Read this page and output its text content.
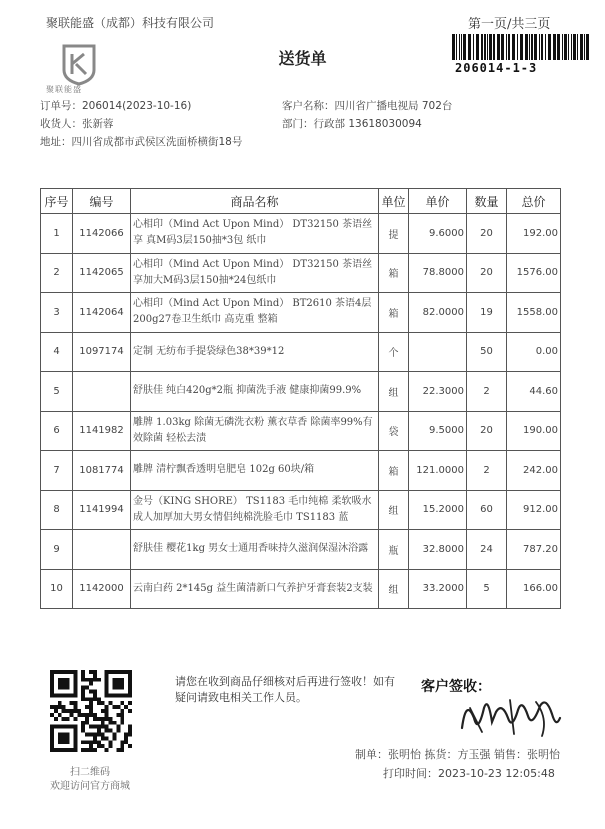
聚联能盛（成都）科技有限公司
聚联能盛
送货单
第一页/共三页
206014-1-3
订单号：206014(2023-10-16)
收货人：张新蓉
地址：四川省成都市武侯区洗面桥横街18号
客户名称：四川省广播电视局 702台
部门：行政部 13618030094
序号	编号	商品名称	单位	单价	数量	总价
1	1142066	心相印（Mind Act Upon Mind） DT32150 茶语丝享 真M码3层150抽*3包 纸巾	提	9.6000	20	192.00
2	1142065	心相印（Mind Act Upon Mind） DT32150 茶语丝享加大M码3层150抽*24包纸巾	箱	78.8000	20	1576.00
3	1142064	心相印（Mind Act Upon Mind） BT2610 茶语4层200g27卷卫生纸巾 高克重 整箱	箱	82.0000	19	1558.00
4	1097174	定制 无纺布手提袋绿色38*39*12	个		50	0.00
5		舒肤佳 纯白420g*2瓶 抑菌洗手液 健康抑菌99.9%	组	22.3000	2	44.60
6	1141982	雕牌 1.03kg 除菌无磷洗衣粉 薰衣草香 除菌率99%有效除菌 轻松去渍	袋	9.5000	20	190.00
7	1081774	雕牌 清柠飘香透明皂肥皂 102g 60块/箱	箱	121.0000	2	242.00
8	1141994	金号（KING SHORE） TS1183 毛巾纯棉 柔软吸水成人加厚加大男女情侣纯棉洗脸毛巾 TS1183 蓝	组	15.2000	60	912.00
9		舒肤佳 樱花1kg 男女士通用香味持久滋润保湿沐浴露	瓶	32.8000	24	787.20
10	1142000	云南白药 2*145g 益生菌清新口气养护牙膏套装2支装	组	33.2000	5	166.00
扫二维码
欢迎访问官方商城
请您在收到商品仔细核对后再进行签收！如有疑问请致电相关工作人员。
客户签收：
制单：张明怡 拣货：方玉强 销售：张明怡
打印时间：2023-10-23 12:05:48
